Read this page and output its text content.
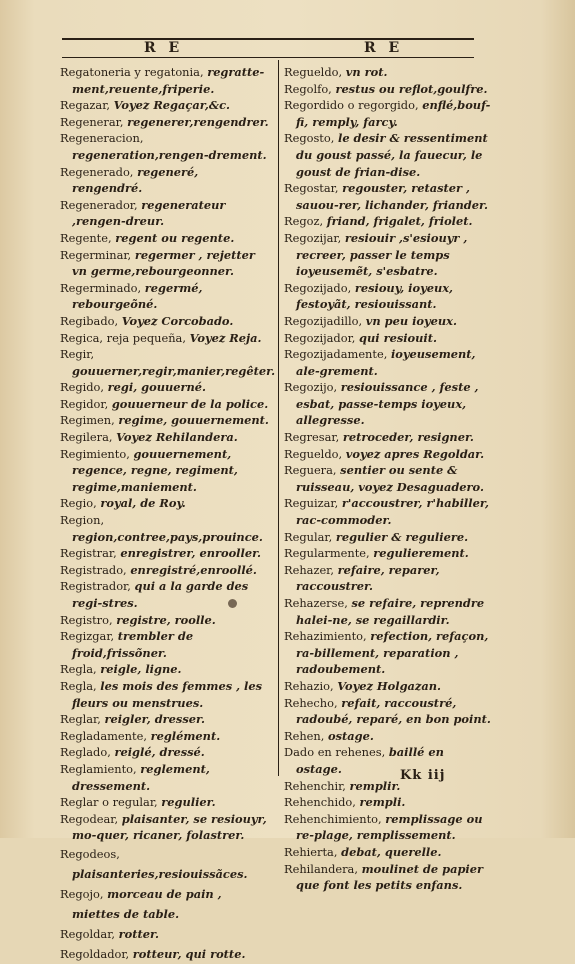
R E	R E

Regatoneria y regatonia, regratte-ment,reuente,friperie.

Regazar, Voyez Regaçar,&c.

Regenerar, regenerer,rengendrer.

Regeneracion, regeneration,rengen-drement.

Regenerado, regeneré, rengendré.

Regenerador, regenerateur ,rengen-dreur.

Regente, regent ou regente.

Regerminar, regermer , rejetter vn germe,rebourgeonner.

Regerminado, regermé, rebourgeõné.

Regibado, Voyez Corcobado.

Regica, reja pequeña, Voyez Reja.

Regir, gouuerner,regir,manier,regêter.

Regido, regi, gouuerné.

Regidor, gouuerneur de la police.

Regimen, regime, gouuernement.

Regilera, Voyez Rehilandera.

Regimiento, gouuernement, regence, regne, regiment, regime,maniement.

Regio, royal, de Roy.

Region, region,contree,pays,prouince.

Registrar, enregistrer, enrooller.

Registrado, enregistré,enroollé.

Registrador, qui a la garde des regi-stres.

Registro, registre, roolle.

Regizgar, trembler de froid,frissõner.

Regla, reigle, ligne.

Regla, les mois des femmes , les fleurs ou menstrues.

Reglar, reigler, dresser.

Regladamente, reglément.

Reglado, reiglé, dressé.

Reglamiento, reglement, dressement.

Reglar o regular, regulier.

Regodear, plaisanter, se resiouyr, mo-quer, ricaner, folastrer.

Regodeos, plaisanteries,resiouissãces.

Regojo, morceau de pain , miettes de table.

Regoldar, rotter.

Regoldador, rotteur, qui rotte.

Regueldo, vn rot.

Regolfo, restus ou reflot,goulfre.

Regordido o regorgido, enflé,bouf-fi, remply, farcy.

Regosto, le desir & ressentiment du goust passé, la fauecur, le goust de frian-dise.

Regostar, regouster, retaster , sauou-rer, lichander, friander.

Regoz, friand, frigalet, friolet.

Regozijar, resiouir ,s'esiouyr , recreer, passer le temps ioyeusemẽt, s'esbatre.

Regozijado, resiouy, ioyeux, festoyãt, resiouissant.

Regozijadillo, vn peu ioyeux.

Regozijador, qui resiouit.

Regozijadamente, ioyeusement, ale-grement.

Regozijo, resiouissance , feste , esbat, passe-temps ioyeux, allegresse.

Regresar, retroceder, resigner.

Regueldo, voyez apres Regoldar.

Reguera, sentier ou sente & ruisseau, voyez Desaguadero.

Reguizar, r'accoustrer, r'habiller, rac-commoder.

Regular, regulier & reguliere.

Regularmente, regulierement.

Rehazer, refaire, reparer, raccoustrer.

Rehazerse, se refaire, reprendre halei-ne, se regaillardir.

Rehazimiento, refection, refaçon, ra-billement, reparation , radoubement.

Rehazio, Voyez Holgazan.

Rehecho, refait, raccoustré, radoubé, reparé, en bon point.

Rehen, ostage.

Dado en rehenes, baillé en ostage.

Rehenchir, remplir.

Rehenchido, rempli.

Rehenchimiento, remplissage ou re-plage, remplissement.

Rehierta, debat, querelle.

Rehilandera, moulinet de papier que font les petits enfans.

Kk iij
